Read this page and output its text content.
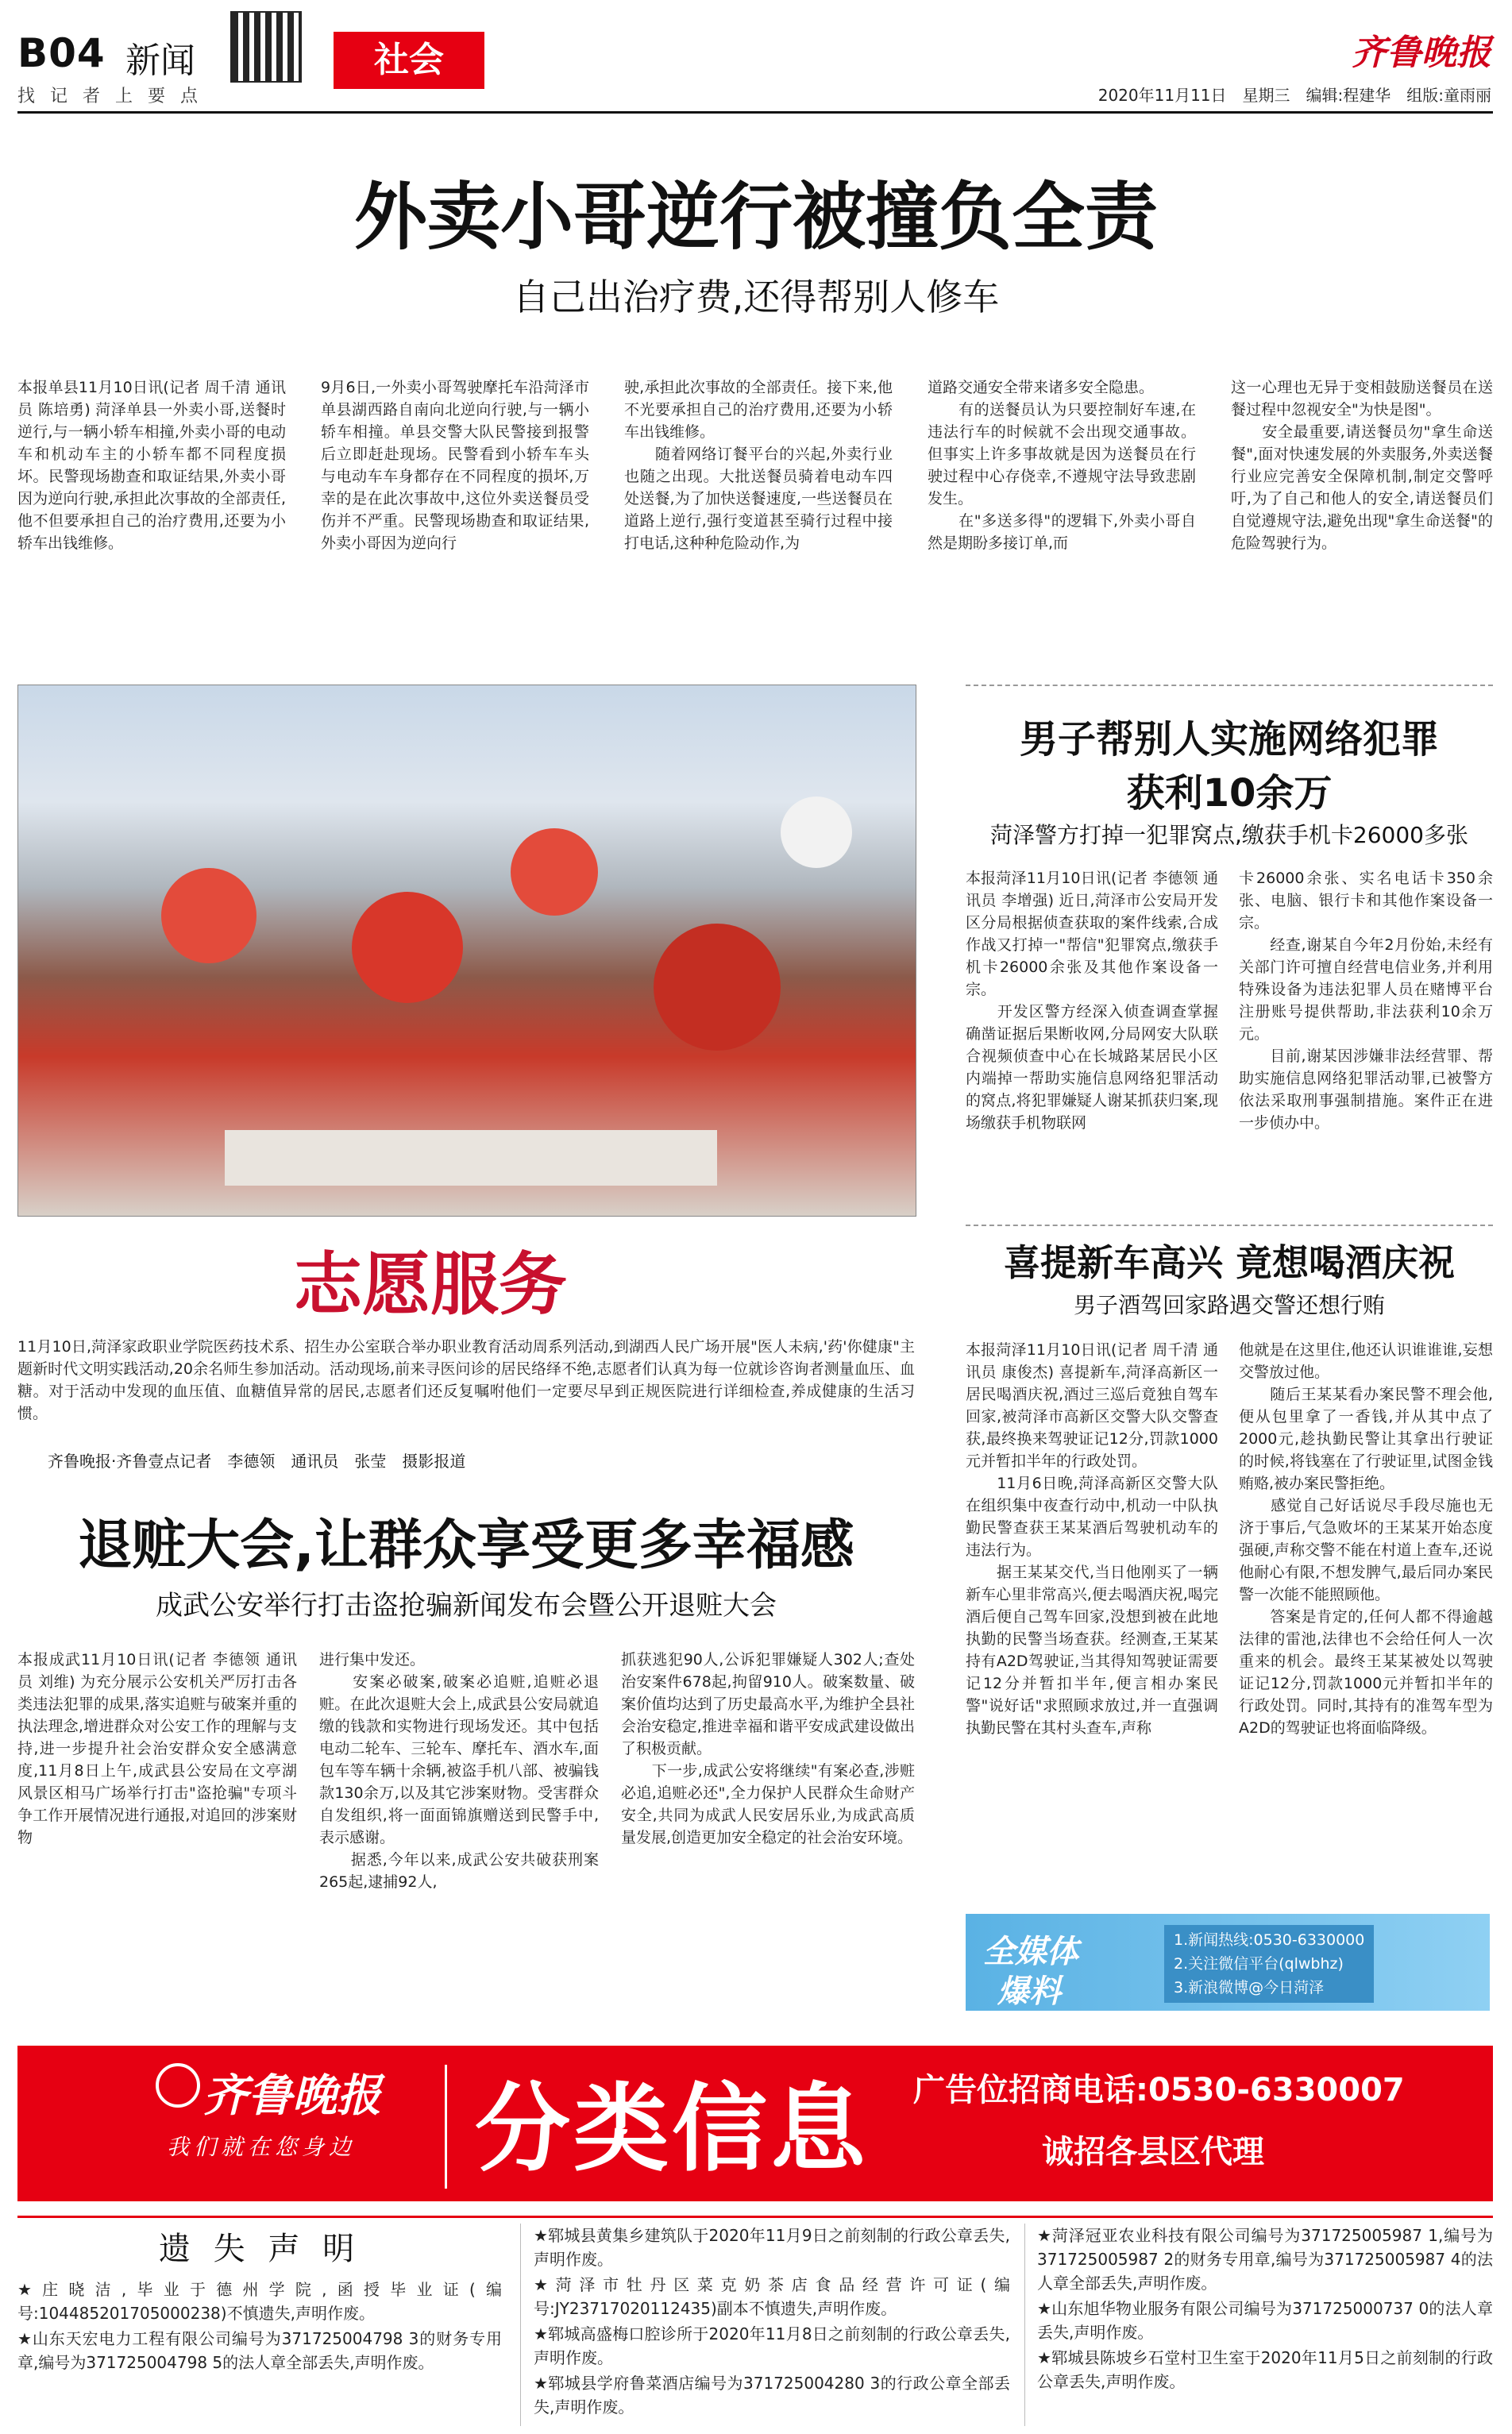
B04 新闻	社会	齐鲁晚报
找 记 者 上 要 点	2020年11月11日　星期三　编辑:程建华　组版:童雨丽
外卖小哥逆行被撞负全责
自己出治疗费,还得帮别人修车
本报单县11月10日讯(记者 周千清 通讯员 陈培勇) 菏泽单县一外卖小哥,送餐时逆行,与一辆小轿车相撞,外卖小哥的电动车和机动车主的小轿车都不同程度损坏。民警现场勘查和取证结果,外卖小哥因为逆向行驶,承担此次事故的全部责任,他不但要承担自己的治疗费用,还要为小轿车出钱维修。
9月6日,一外卖小哥驾驶摩托车沿菏泽市单县湖西路自南向北逆向行驶,与一辆小轿车相撞。单县交警大队民警接到报警后立即赶赴现场。民警看到小轿车车头与电动车车身都存在不同程度的损坏,万幸的是在此次事故中,这位外卖送餐员受伤并不严重。民警现场勘查和取证结果,外卖小哥因为逆向行
驶,承担此次事故的全部责任。接下来,他不光要承担自己的治疗费用,还要为小轿车出钱维修。
　　随着网络订餐平台的兴起,外卖行业也随之出现。大批送餐员骑着电动车四处送餐,为了加快送餐速度,一些送餐员在道路上逆行,强行变道甚至骑行过程中接打电话,这种种危险动作,为
道路交通安全带来诸多安全隐患。
　　有的送餐员认为只要控制好车速,在违法行车的时候就不会出现交通事故。但事实上许多事故就是因为送餐员在行驶过程中心存侥幸,不遵规守法导致悲剧发生。
　　在"多送多得"的逻辑下,外卖小哥自然是期盼多接订单,而
这一心理也无异于变相鼓励送餐员在送餐过程中忽视安全"为快是图"。
　　安全最重要,请送餐员勿"拿生命送餐",面对快速发展的外卖服务,外卖送餐行业应完善安全保障机制,制定交警呼吁,为了自己和他人的安全,请送餐员们自觉遵规守法,避免出现"拿生命送餐"的危险驾驶行为。
男子帮别人实施网络犯罪
获利10余万
菏泽警方打掉一犯罪窝点,缴获手机卡26000多张
本报菏泽11月10日讯(记者 李德领 通讯员 李增强) 近日,菏泽市公安局开发区分局根据侦查获取的案件线索,合成作战又打掉一"帮信"犯罪窝点,缴获手机卡26000余张及其他作案设备一宗。
　　开发区警方经深入侦查调查掌握确凿证据后果断收网,分局网安大队联合视频侦查中心在长城路某居民小区内端掉一帮助实施信息网络犯罪活动的窝点,将犯罪嫌疑人谢某抓获归案,现场缴获手机物联网
卡26000余张、实名电话卡350余张、电脑、银行卡和其他作案设备一宗。
　　经查,谢某自今年2月份始,未经有关部门许可擅自经营电信业务,并利用特殊设备为违法犯罪人员在赌博平台注册账号提供帮助,非法获利10余万元。
　　目前,谢某因涉嫌非法经营罪、帮助实施信息网络犯罪活动罪,已被警方依法采取刑事强制措施。案件正在进一步侦办中。
志愿服务
11月10日,菏泽家政职业学院医药技术系、招生办公室联合举办职业教育活动周系列活动,到湖西人民广场开展"医人未病,'药'你健康"主题新时代文明实践活动,20余名师生参加活动。活动现场,前来寻医问诊的居民络绎不绝,志愿者们认真为每一位就诊咨询者测量血压、血糖。对于活动中发现的血压值、血糖值异常的居民,志愿者们还反复嘱咐他们一定要尽早到正规医院进行详细检查,养成健康的生活习惯。
齐鲁晚报·齐鲁壹点记者　李德领　通讯员　张莹　摄影报道
喜提新车高兴 竟想喝酒庆祝
男子酒驾回家路遇交警还想行贿
本报菏泽11月10日讯(记者 周千清 通讯员 康俊杰) 喜提新车,菏泽高新区一居民喝酒庆祝,酒过三巡后竟独自驾车回家,被菏泽市高新区交警大队交警查获,最终换来驾驶证记12分,罚款1000元并暂扣半年的行政处罚。
　　11月6日晚,菏泽高新区交警大队在组织集中夜查行动中,机动一中队执勤民警查获王某某酒后驾驶机动车的违法行为。
　　据王某某交代,当日他刚买了一辆新车心里非常高兴,便去喝酒庆祝,喝完酒后便自己驾车回家,没想到被在此地执勤的民警当场查获。经测查,王某某持有A2D驾驶证,当其得知驾驶证需要记12分并暂扣半年,便言相办案民警"说好话"求照顾求放过,并一直强调执勤民警在其村头查车,声称
他就是在这里住,他还认识谁谁谁,妄想交警放过他。
　　随后王某某看办案民警不理会他,便从包里拿了一香钱,并从其中点了2000元,趁执勤民警让其拿出行驶证的时候,将钱塞在了行驶证里,试图金钱贿赂,被办案民警拒绝。
　　感觉自己好话说尽手段尽施也无济于事后,气急败坏的王某某开始态度强硬,声称交警不能在村道上查车,还说他耐心有限,不想发脾气,最后同办案民警一次能不能照顾他。
　　答案是肯定的,任何人都不得逾越法律的雷池,法律也不会给任何人一次重来的机会。最终王某某被处以驾驶证记12分,罚款1000元并暂扣半年的行政处罚。同时,其持有的准驾车型为A2D的驾驶证也将面临降级。
退赃大会,让群众享受更多幸福感
成武公安举行打击盗抢骗新闻发布会暨公开退赃大会
本报成武11月10日讯(记者 李德领 通讯员 刘维) 为充分展示公安机关严厉打击各类违法犯罪的成果,落实追赃与破案并重的执法理念,增进群众对公安工作的理解与支持,进一步提升社会治安群众安全感满意度,11月8日上午,成武县公安局在文亭湖风景区相马广场举行打击"盗抢骗"专项斗争工作开展情况进行通报,对追回的涉案财物
进行集中发还。
　　安案必破案,破案必追赃,追赃必退赃。在此次退赃大会上,成武县公安局就追缴的钱款和实物进行现场发还。其中包括电动二轮车、三轮车、摩托车、酒水车,面包车等车辆十余辆,被盗手机八部、被骗钱款130余万,以及其它涉案财物。受害群众自发组织,将一面面锦旗赠送到民警手中,表示感谢。
　　据悉,今年以来,成武公安共破获刑案265起,逮捕92人,
抓获逃犯90人,公诉犯罪嫌疑人302人;查处治安案件678起,拘留910人。破案数量、破案价值均达到了历史最高水平,为维护全县社会治安稳定,推进幸福和谐平安成武建设做出了积极贡献。
　　下一步,成武公安将继续"有案必查,涉赃必追,追赃必还",全力保护人民群众生命财产安全,共同为成武人民安居乐业,为成武高质量发展,创造更加安全稳定的社会治安环境。
全媒体
爆料
1.新闻热线:0530-6330000
2.关注微信平台(qlwbhz)
3.新浪微博@今日菏泽
齐鲁晚报
我们就在您身边 分类信息 广告位招商电话:0530-6330007
诚招各县区代理
遗 失 声 明

★庄晓洁,毕业于德州学院,函授毕业证(编号:104485201705000238)不慎遗失,声明作废。

★山东天宏电力工程有限公司编号为371725004798 3的财务专用章,编号为371725004798 5的法人章全部丢失,声明作废。

★郓城县黄集乡建筑队于2020年11月9日之前刻制的行政公章丢失,声明作废。

★菏泽市牡丹区菜克奶茶店食品经营许可证(编号:JY23717020112435)副本不慎遗失,声明作废。

★郓城高盛梅口腔诊所于2020年11月8日之前刻制的行政公章丢失,声明作废。

★郓城县学府鲁菜酒店编号为371725004280 3的行政公章全部丢失,声明作废。

★菏泽冠亚农业科技有限公司编号为371725005987 1,编号为371725005987 2的财务专用章,编号为371725005987 4的法人章全部丢失,声明作废。

★山东旭华物业服务有限公司编号为371725000737 0的法人章丢失,声明作废。

★郓城县陈坡乡石堂村卫生室于2020年11月5日之前刻制的行政公章丢失,声明作废。
